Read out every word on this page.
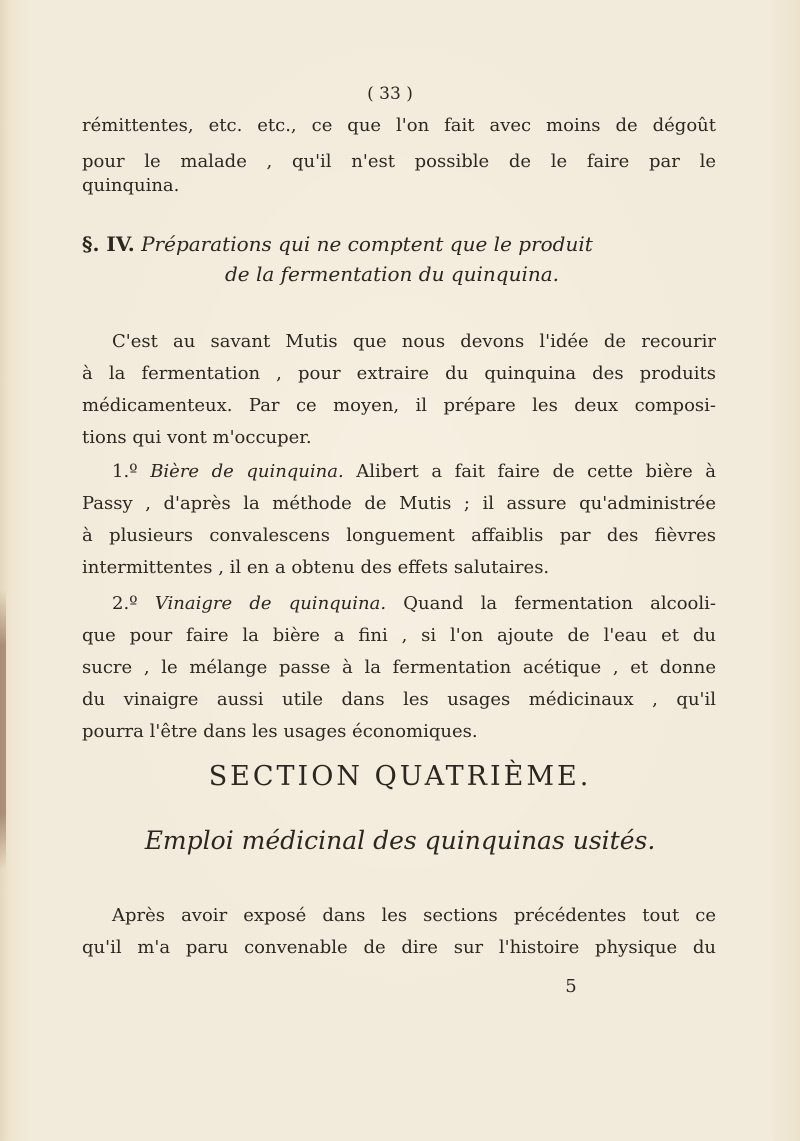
( 33 )
rémittentes, etc. etc., ce que l'on fait avec moins de dégoût
pour le malade , qu'il n'est possible de le faire par le
quinquina.
§. IV. Préparations qui ne comptent que le produit
de la fermentation du quinquina.
C'est au savant Mutis que nous devons l'idée de recourir
à la fermentation , pour extraire du quinquina des produits
médicamenteux. Par ce moyen, il prépare les deux composi-
tions qui vont m'occuper.
1.º Bière de quinquina. Alibert a fait faire de cette bière à
Passy , d'après la méthode de Mutis ; il assure qu'administrée
à plusieurs convalescens longuement affaiblis par des fièvres
intermittentes , il en a obtenu des effets salutaires.
2.º Vinaigre de quinquina. Quand la fermentation alcooli-
que pour faire la bière a fini , si l'on ajoute de l'eau et du
sucre , le mélange passe à la fermentation acétique , et donne
du vinaigre aussi utile dans les usages médicinaux , qu'il
pourra l'être dans les usages économiques.
SECTION QUATRIÈME.
Emploi médicinal des quinquinas usités.
Après avoir exposé dans les sections précédentes tout ce
qu'il m'a paru convenable de dire sur l'histoire physique du
5
